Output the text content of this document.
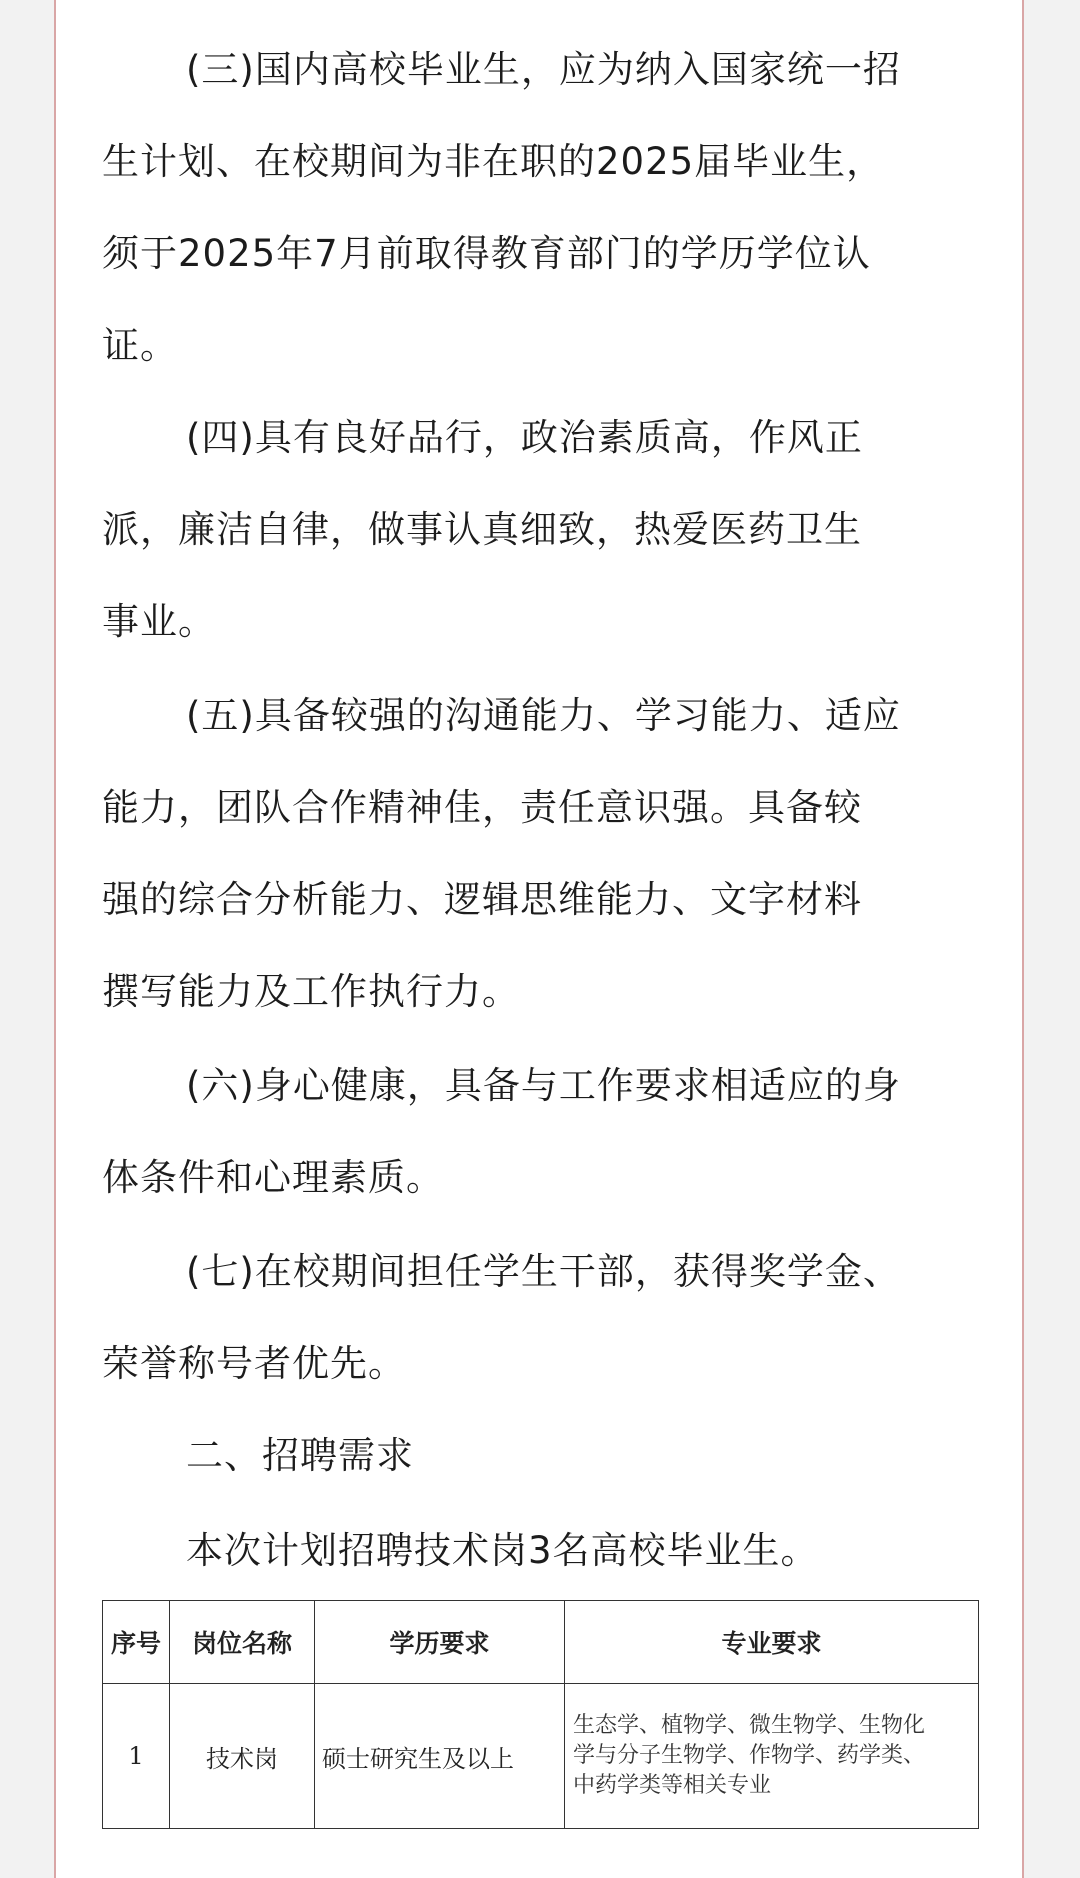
(三)国内高校毕业生，应为纳入国家统一招
生计划、在校期间为非在职的2025届毕业生，
须于2025年7月前取得教育部门的学历学位认
证。
(四)具有良好品行，政治素质高，作风正
派，廉洁自律，做事认真细致，热爱医药卫生
事业。
(五)具备较强的沟通能力、学习能力、适应
能力，团队合作精神佳，责任意识强。具备较
强的综合分析能力、逻辑思维能力、文字材料
撰写能力及工作执行力。
(六)身心健康，具备与工作要求相适应的身
体条件和心理素质。
(七)在校期间担任学生干部，获得奖学金、
荣誉称号者优先。
二、招聘需求
本次计划招聘技术岗3名高校毕业生。
序号	岗位名称	学历要求	专业要求
1	技术岗	硕士研究生及以上	生态学、植物学、微生物学、生物化
学与分子生物学、作物学、药学类、
中药学类等相关专业
